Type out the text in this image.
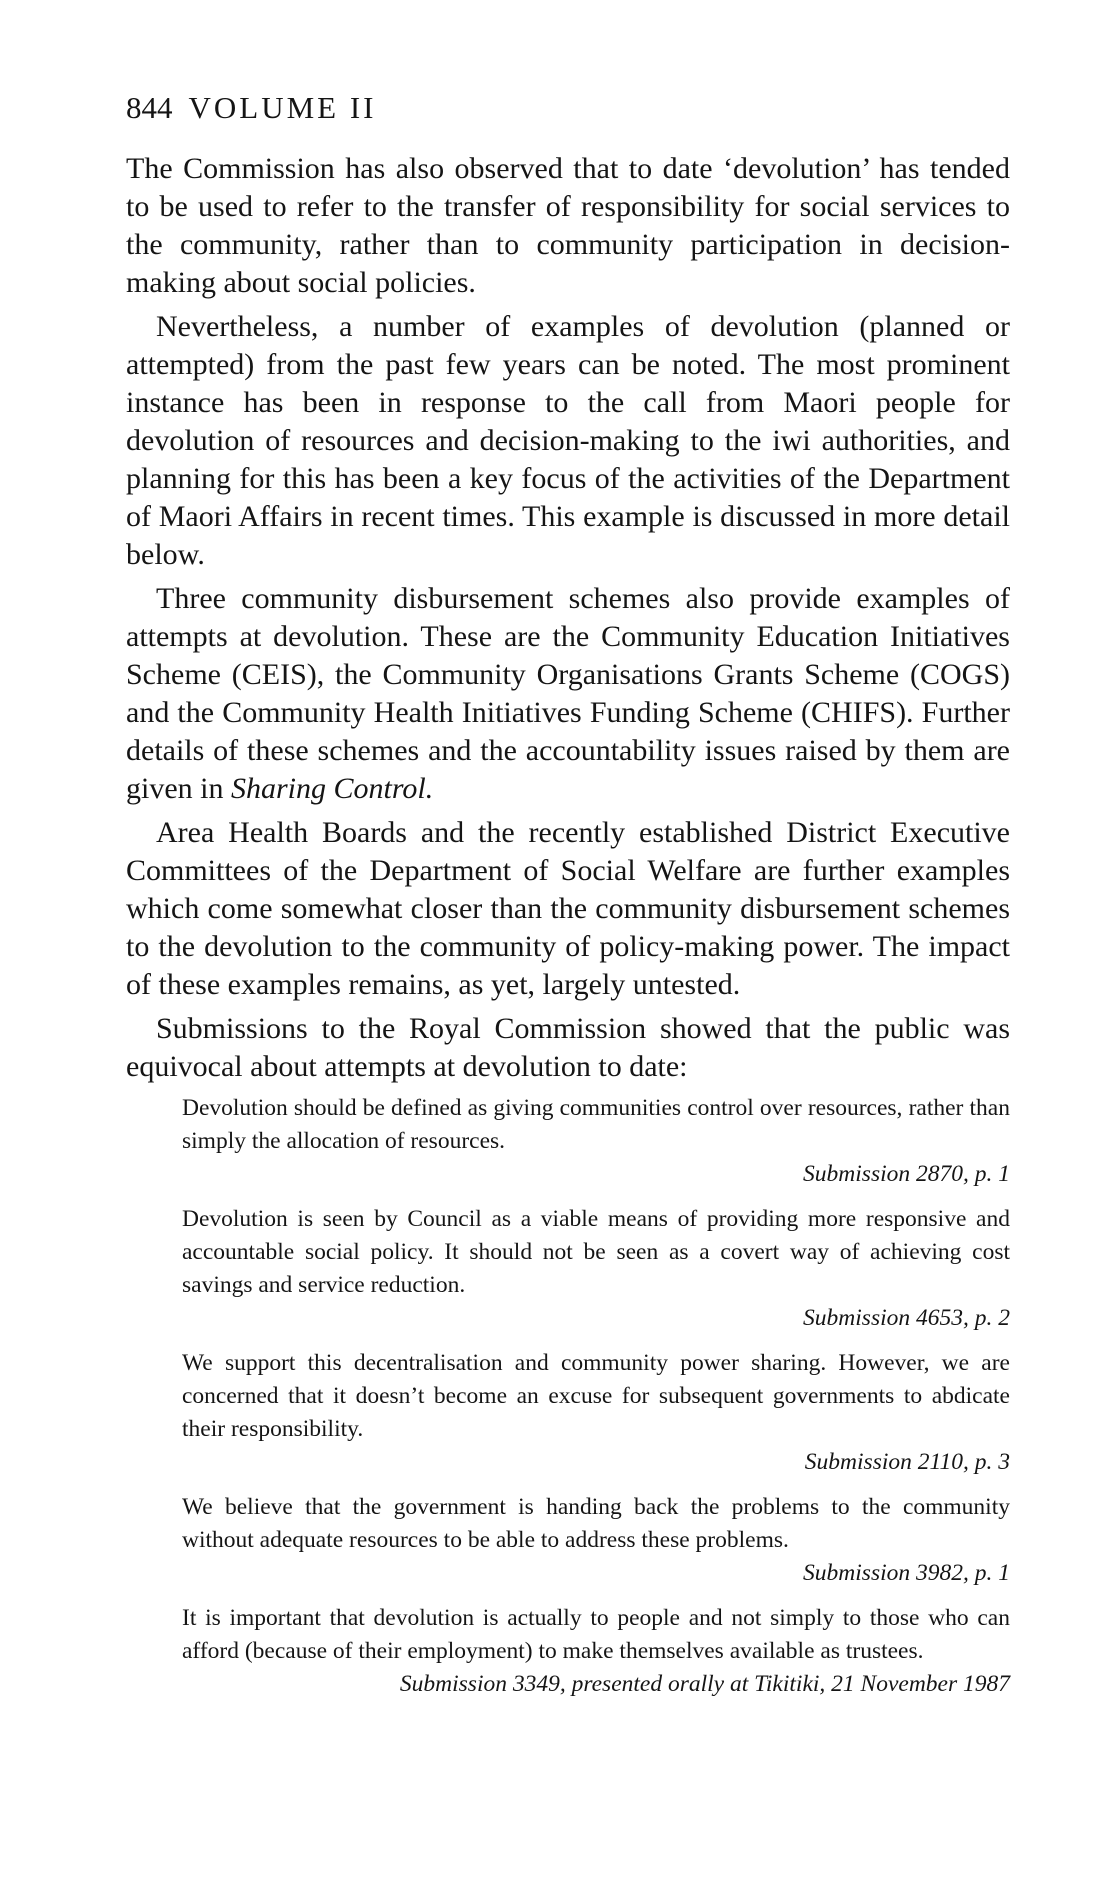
844 VOLUME II

The Commission has also observed that to date ‘devolution’ has tended to be used to refer to the transfer of responsibility for social services to the community, rather than to community participation in decision-making about social policies.

Nevertheless, a number of examples of devolution (planned or attempted) from the past few years can be noted. The most prominent instance has been in response to the call from Maori people for devolution of resources and decision-making to the iwi authorities, and planning for this has been a key focus of the activities of the Department of Maori Affairs in recent times. This example is discussed in more detail below.

Three community disbursement schemes also provide examples of attempts at devolution. These are the Community Education Initiatives Scheme (CEIS), the Community Organisations Grants Scheme (COGS) and the Community Health Initiatives Funding Scheme (CHIFS). Further details of these schemes and the accountability issues raised by them are given in Sharing Control.

Area Health Boards and the recently established District Executive Committees of the Department of Social Welfare are further examples which come somewhat closer than the community disbursement schemes to the devolution to the community of policy-making power. The impact of these examples remains, as yet, largely untested.

Submissions to the Royal Commission showed that the public was equivocal about attempts at devolution to date:

Devolution should be defined as giving communities control over resources, rather than simply the allocation of resources.

Submission 2870, p. 1

Devolution is seen by Council as a viable means of providing more responsive and accountable social policy. It should not be seen as a covert way of achieving cost savings and service reduction.

Submission 4653, p. 2

We support this decentralisation and community power sharing. However, we are concerned that it doesn’t become an excuse for subsequent governments to abdicate their responsibility.

Submission 2110, p. 3

We believe that the government is handing back the problems to the community without adequate resources to be able to address these problems.

Submission 3982, p. 1

It is important that devolution is actually to people and not simply to those who can afford (because of their employment) to make themselves available as trustees.

Submission 3349, presented orally at Tikitiki, 21 November 1987
